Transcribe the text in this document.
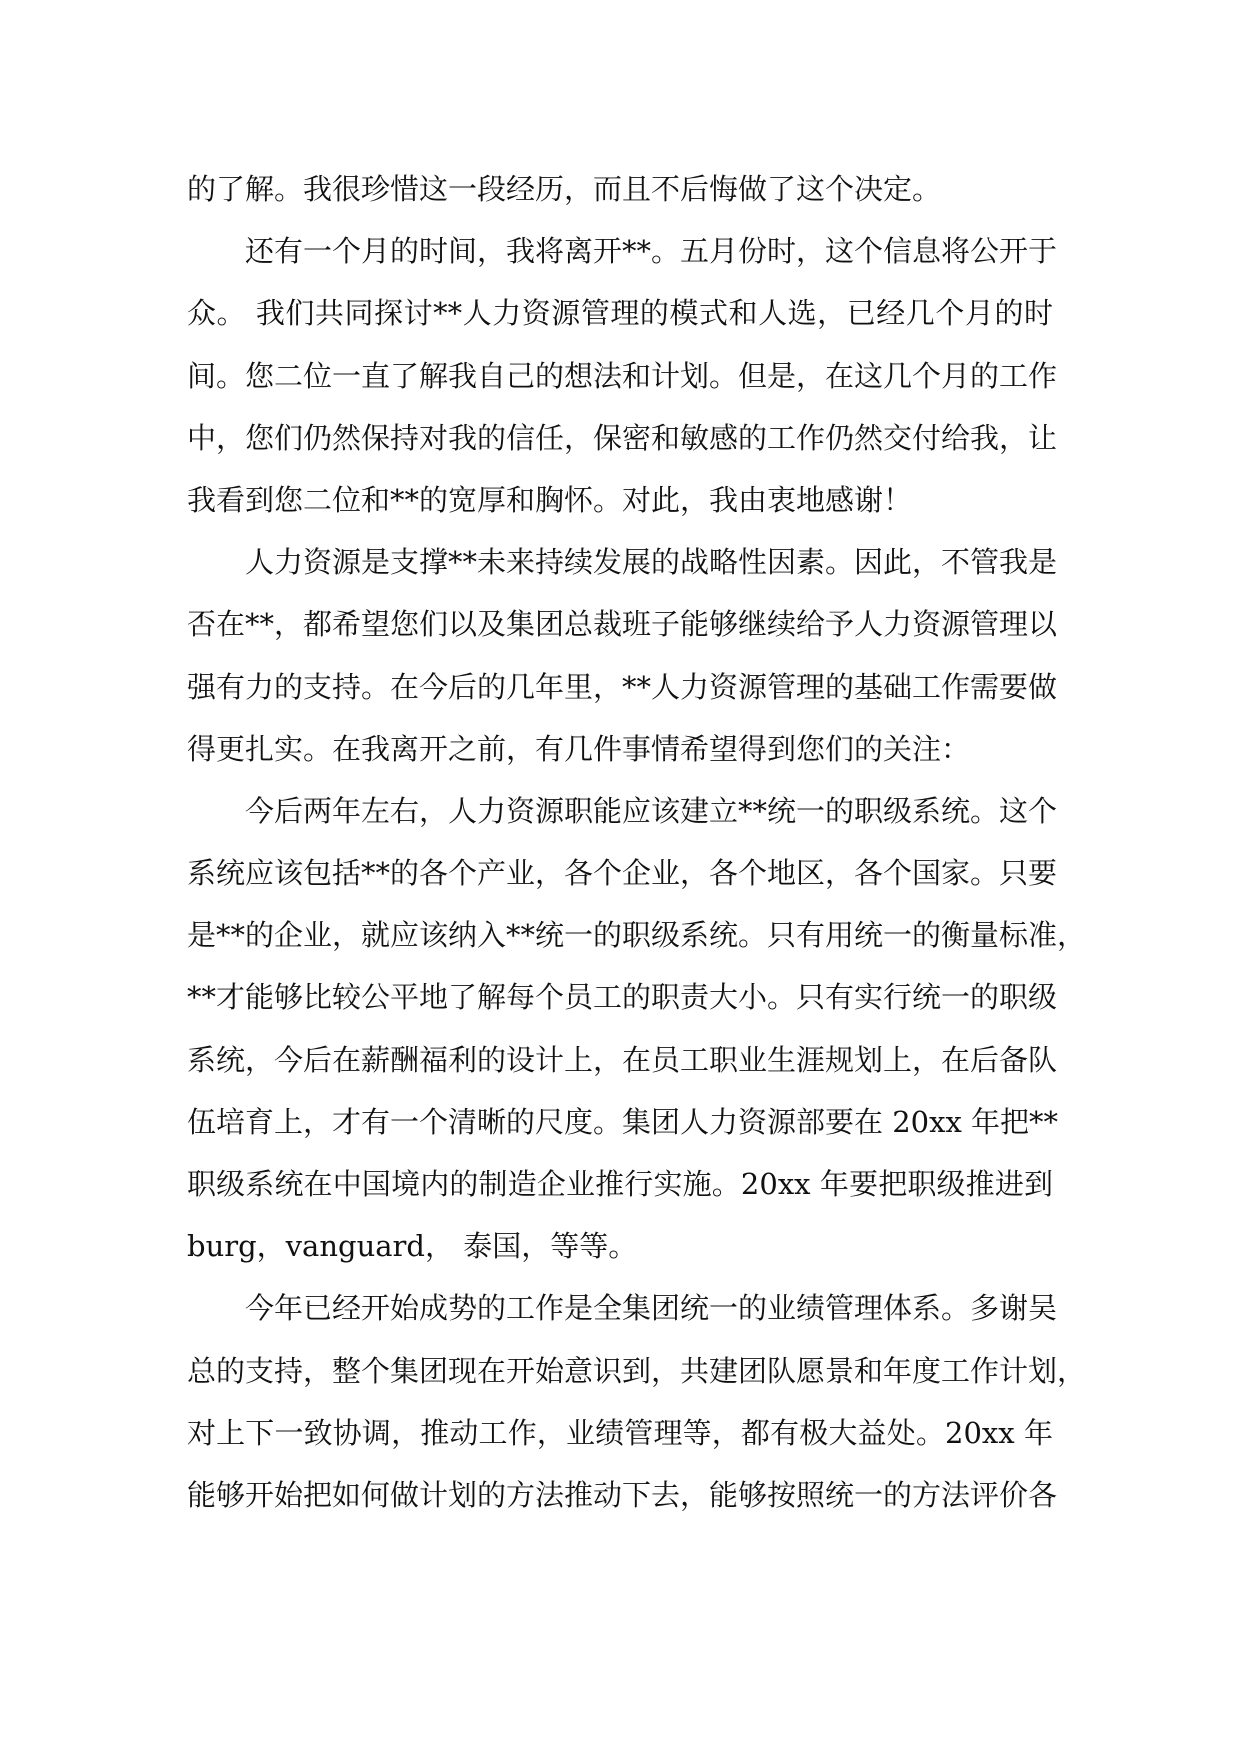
的了解。我很珍惜这一段经历，而且不后悔做了这个决定。
还有一个月的时间，我将离开**。五月份时，这个信息将公开于
众。 我们共同探讨**人力资源管理的模式和人选，已经几个月的时
间。您二位一直了解我自己的想法和计划。但是，在这几个月的工作
中，您们仍然保持对我的信任，保密和敏感的工作仍然交付给我，让
我看到您二位和**的宽厚和胸怀。对此，我由衷地感谢！
人力资源是支撑**未来持续发展的战略性因素。因此，不管我是
否在**，都希望您们以及集团总裁班子能够继续给予人力资源管理以
强有力的支持。在今后的几年里，**人力资源管理的基础工作需要做
得更扎实。在我离开之前，有几件事情希望得到您们的关注：
今后两年左右，人力资源职能应该建立**统一的职级系统。这个
系统应该包括**的各个产业，各个企业，各个地区，各个国家。只要
是**的企业，就应该纳入**统一的职级系统。只有用统一的衡量标准，
**才能够比较公平地了解每个员工的职责大小。只有实行统一的职级
系统，今后在薪酬福利的设计上，在员工职业生涯规划上，在后备队
伍培育上，才有一个清晰的尺度。集团人力资源部要在 20xx 年把**
职级系统在中国境内的制造企业推行实施。20xx 年要把职级推进到
burg，vanguard， 泰国，等等。
今年已经开始成势的工作是全集团统一的业绩管理体系。多谢吴
总的支持，整个集团现在开始意识到，共建团队愿景和年度工作计划，
对上下一致协调，推动工作，业绩管理等，都有极大益处。20xx 年
能够开始把如何做计划的方法推动下去，能够按照统一的方法评价各
